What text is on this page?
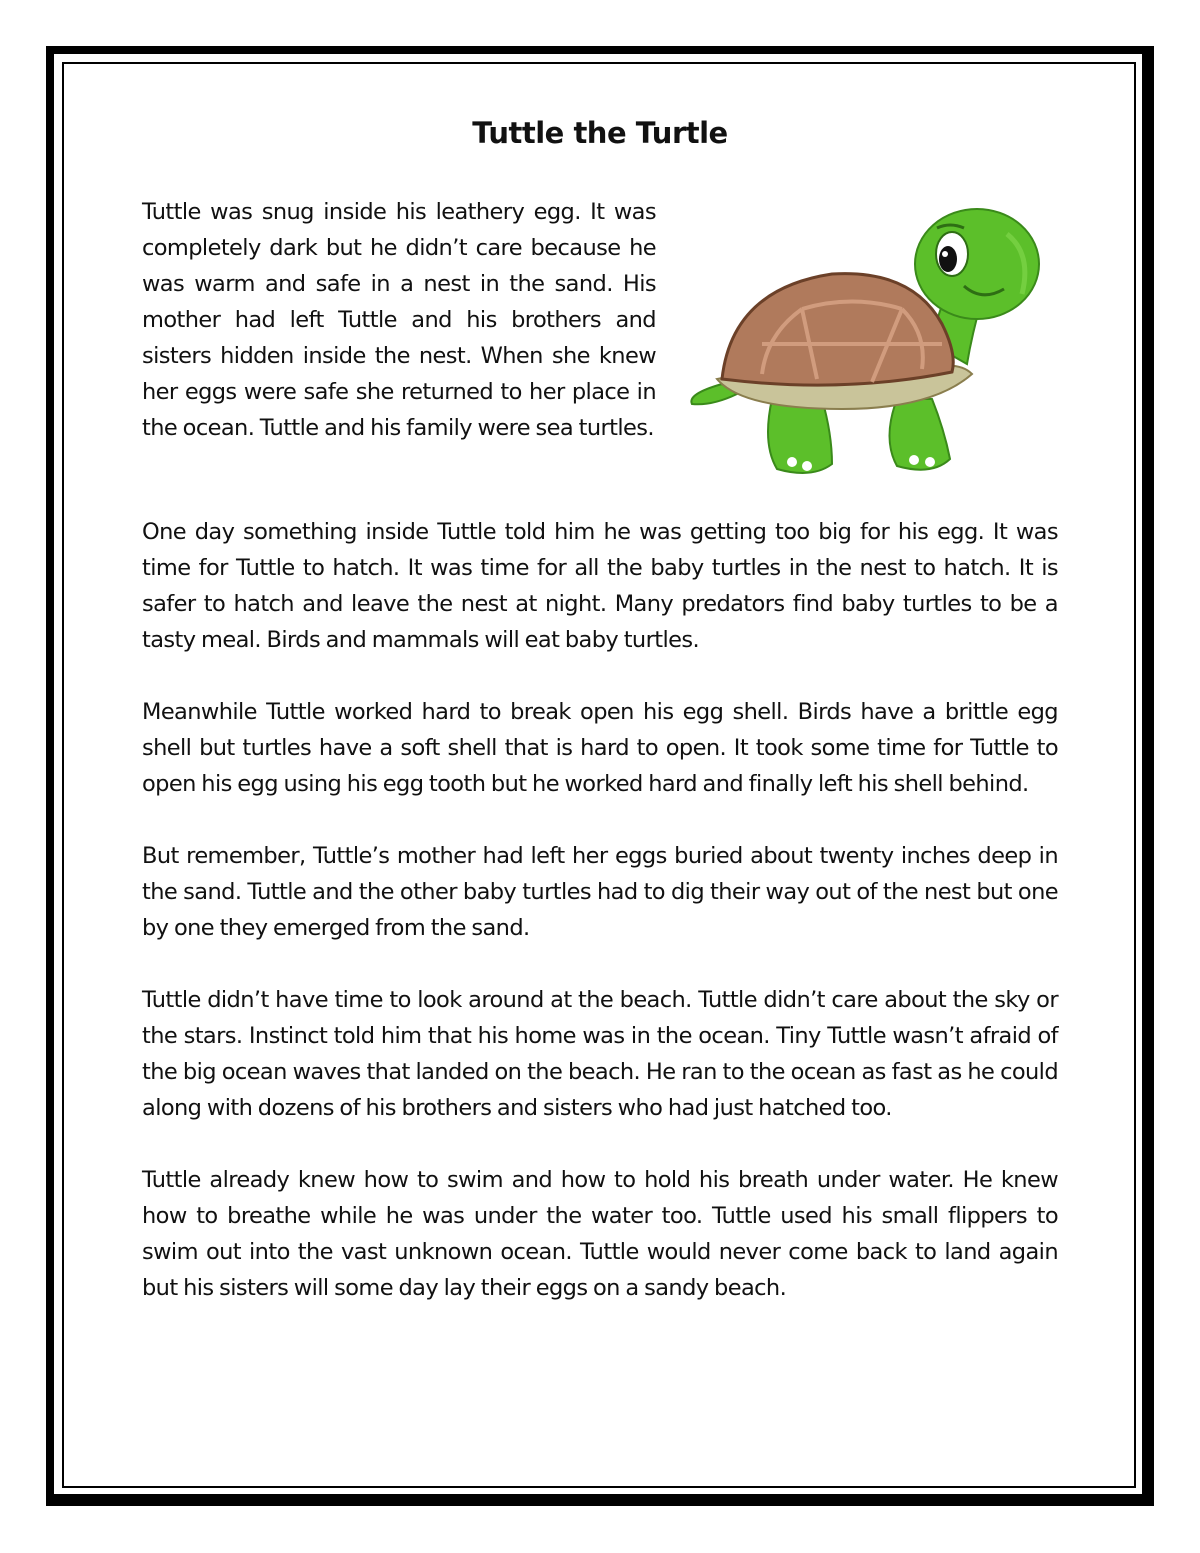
Tuttle the Turtle

Tuttle was snug inside his leathery egg. It was completely dark but he didn’t care because he was warm and safe in a nest in the sand. His mother had left Tuttle and his brothers and sisters hidden inside the nest. When she knew her eggs were safe she returned to her place in the ocean. Tuttle and his family were sea turtles.

One day something inside Tuttle told him he was getting too big for his egg. It was time for Tuttle to hatch. It was time for all the baby turtles in the nest to hatch. It is safer to hatch and leave the nest at night. Many predators find baby turtles to be a tasty meal. Birds and mammals will eat baby turtles.

Meanwhile Tuttle worked hard to break open his egg shell. Birds have a brittle egg shell but turtles have a soft shell that is hard to open. It took some time for Tuttle to open his egg using his egg tooth but he worked hard and finally left his shell behind.

But remember, Tuttle’s mother had left her eggs buried about twenty inches deep in the sand. Tuttle and the other baby turtles had to dig their way out of the nest but one by one they emerged from the sand.

Tuttle didn’t have time to look around at the beach. Tuttle didn’t care about the sky or the stars. Instinct told him that his home was in the ocean. Tiny Tuttle wasn’t afraid of the big ocean waves that landed on the beach. He ran to the ocean as fast as he could along with dozens of his brothers and sisters who had just hatched too.

Tuttle already knew how to swim and how to hold his breath under water. He knew how to breathe while he was under the water too. Tuttle used his small flippers to swim out into the vast unknown ocean. Tuttle would never come back to land again but his sisters will some day lay their eggs on a sandy beach.
